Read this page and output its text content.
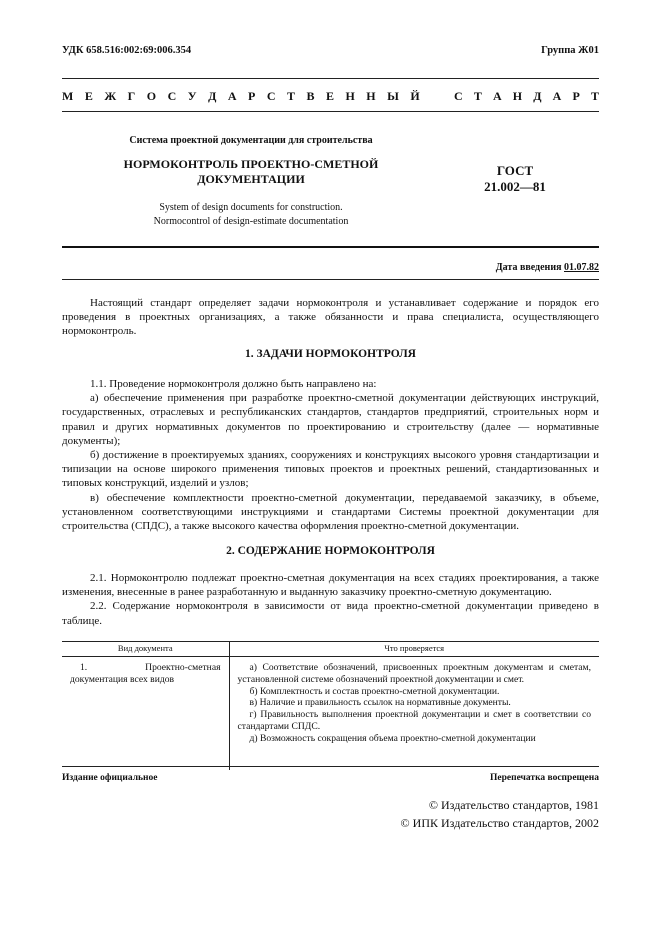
УДК 658.516:002:69:006.354	Группа Ж01
М Е Ж Г О С У Д А Р С Т В Е Н Н Ы Й	С Т А Н Д А Р Т
Система проектной документации для строительства
НОРМОКОНТРОЛЬ ПРОЕКТНО-СМЕТНОЙ
ДОКУМЕНТАЦИИ
ГОСТ
21.002—81
System of design documents for construction.
Normocontrol of design-estimate documentation
Дата введения 01.07.82
Настоящий стандарт определяет задачи нормоконтроля и устанавливает содержание и порядок его проведения в проектных организациях, а также обязанности и права специалиста, осуществляющего нормоконтроль.
1. ЗАДАЧИ НОРМОКОНТРОЛЯ
1.1. Проведение нормоконтроля должно быть направлено на:
а) обеспечение применения при разработке проектно-сметной документации действующих инструкций, государственных, отраслевых и республиканских стандартов, стандартов предприятий, строительных норм и правил и других нормативных документов по проектированию и строительству (далее — нормативные документы);
б) достижение в проектируемых зданиях, сооружениях и конструкциях высокого уровня стандартизации и типизации на основе широкого применения типовых проектов и проектных решений, стандартизованных и типовых конструкций, изделий и узлов;
в) обеспечение комплектности проектно-сметной документации, передаваемой заказчику, в объеме, установленном соответствующими инструкциями и стандартами Системы проектной документации для строительства (СПДС), а также высокого качества оформления проектно-сметной документации.
2. СОДЕРЖАНИЕ НОРМОКОНТРОЛЯ
2.1. Нормоконтролю подлежат проектно-сметная документация на всех стадиях проектирования, а также изменения, внесенные в ранее разработанную и выданную заказчику проектно-сметную документацию.
2.2. Содержание нормоконтроля в зависимости от вида проектно-сметной документации приведено в таблице.
Вид документа	Что проверяется
1. Проектно-сметная документация всех видов	а) Соответствие обозначений, присвоенных проектным документам и сметам, установленной системе обозначений проектной документации и смет.
б) Комплектность и состав проектно-сметной документации.
в) Наличие и правильность ссылок на нормативные документы.
г) Правильность выполнения проектной документации и смет в соответствии со стандартами СПДС.
д) Возможность сокращения объема проектно-сметной документации
Издание официальное	Перепечатка воспрещена
© Издательство стандартов, 1981
© ИПК Издательство стандартов, 2002
